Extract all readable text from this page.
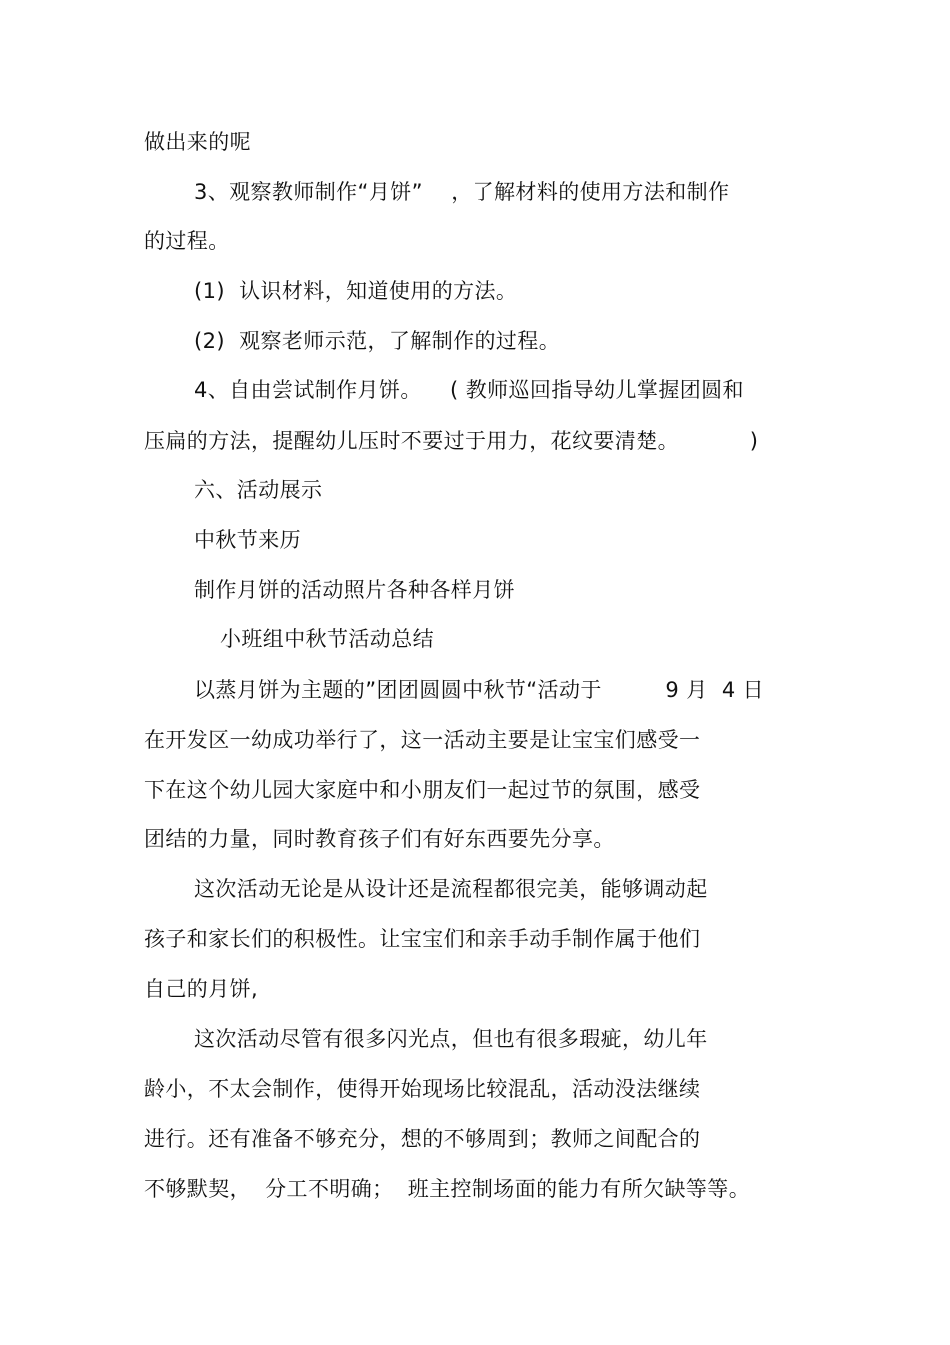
做出来的呢
3、观察教师制作“月饼”    ，了解材料的使用方法和制作
的过程。
(1)  认识材料，知道使用的方法。
(2)  观察老师示范，了解制作的过程。
4、自由尝试制作月饼。    ( 教师巡回指导幼儿掌握团圆和
压扁的方法，提醒幼儿压时不要过于用力，花纹要清楚。          )
六、活动展示
中秋节来历
制作月饼的活动照片各种各样月饼
小班组中秋节活动总结
以蒸月饼为主题的”团团圆圆中秋节“活动于         9 月  4 日
在开发区一幼成功举行了，这一活动主要是让宝宝们感受一
下在这个幼儿园大家庭中和小朋友们一起过节的氛围，感受
团结的力量，同时教育孩子们有好东西要先分享。
这次活动无论是从设计还是流程都很完美，能够调动起
孩子和家长们的积极性。让宝宝们和亲手动手制作属于他们
自己的月饼,
这次活动尽管有很多闪光点，但也有很多瑕疵，幼儿年
龄小，不太会制作，使得开始现场比较混乱，活动没法继续
进行。还有准备不够充分，想的不够周到；教师之间配合的
不够默契，  分工不明确；  班主控制场面的能力有所欠缺等等。
